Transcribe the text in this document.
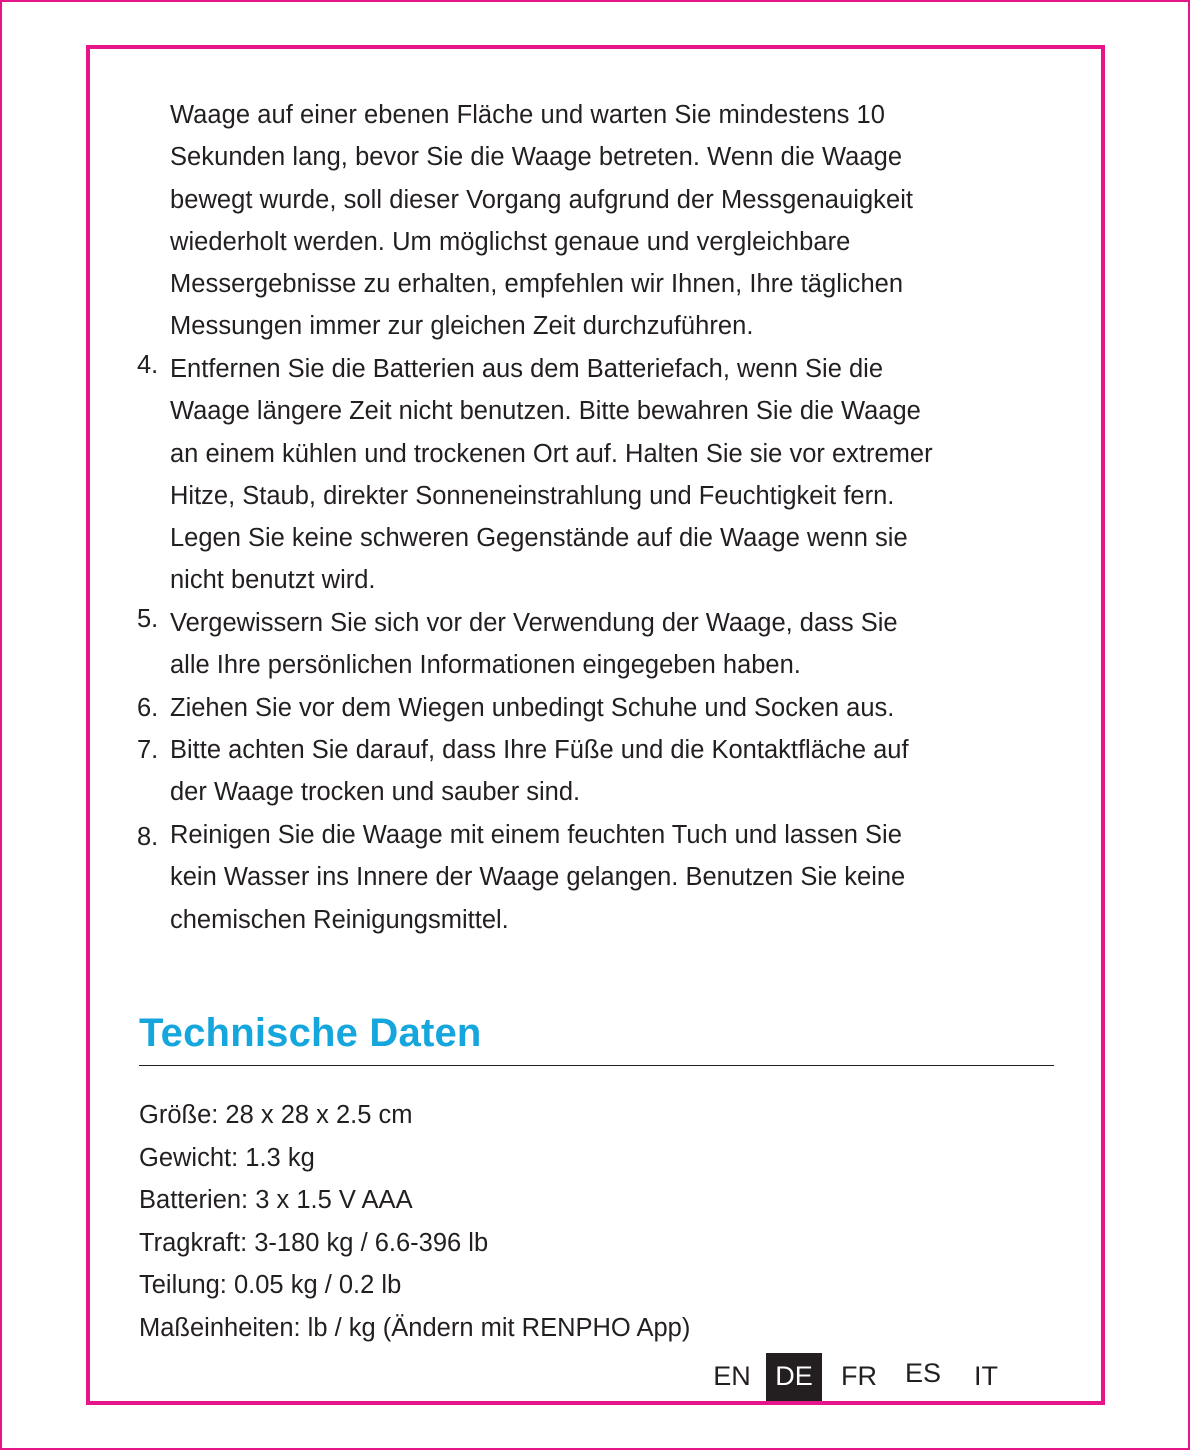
Waage auf einer ebenen Fläche und warten Sie mindestens 10
Sekunden lang, bevor Sie die Waage betreten. Wenn die Waage
bewegt wurde, soll dieser Vorgang aufgrund der Messgenauigkeit
wiederholt werden. Um möglichst genaue und vergleichbare
Messergebnisse zu erhalten, empfehlen wir Ihnen, Ihre täglichen
Messungen immer zur gleichen Zeit durchzuführen.
4. Entfernen Sie die Batterien aus dem Batteriefach, wenn Sie die
Waage längere Zeit nicht benutzen. Bitte bewahren Sie die Waage
an einem kühlen und trockenen Ort auf. Halten Sie sie vor extremer
Hitze, Staub, direkter Sonneneinstrahlung und Feuchtigkeit fern.
Legen Sie keine schweren Gegenstände auf die Waage wenn sie
nicht benutzt wird.
5. Vergewissern Sie sich vor der Verwendung der Waage, dass Sie
alle Ihre persönlichen Informationen eingegeben haben.
6. Ziehen Sie vor dem Wiegen unbedingt Schuhe und Socken aus.
7. Bitte achten Sie darauf, dass Ihre Füße und die Kontaktfläche auf
der Waage trocken und sauber sind.
8. Reinigen Sie die Waage mit einem feuchten Tuch und lassen Sie
kein Wasser ins Innere der Waage gelangen. Benutzen Sie keine
chemischen Reinigungsmittel.
Technische Daten
Größe: 28 x 28 x 2.5 cm
Gewicht: 1.3 kg
Batterien: 3 x 1.5 V AAA
Tragkraft: 3-180 kg / 6.6-396 lb
Teilung: 0.05 kg / 0.2 lb
Maßeinheiten: lb / kg (Ändern mit RENPHO App)
EN DE	FR ES IT
